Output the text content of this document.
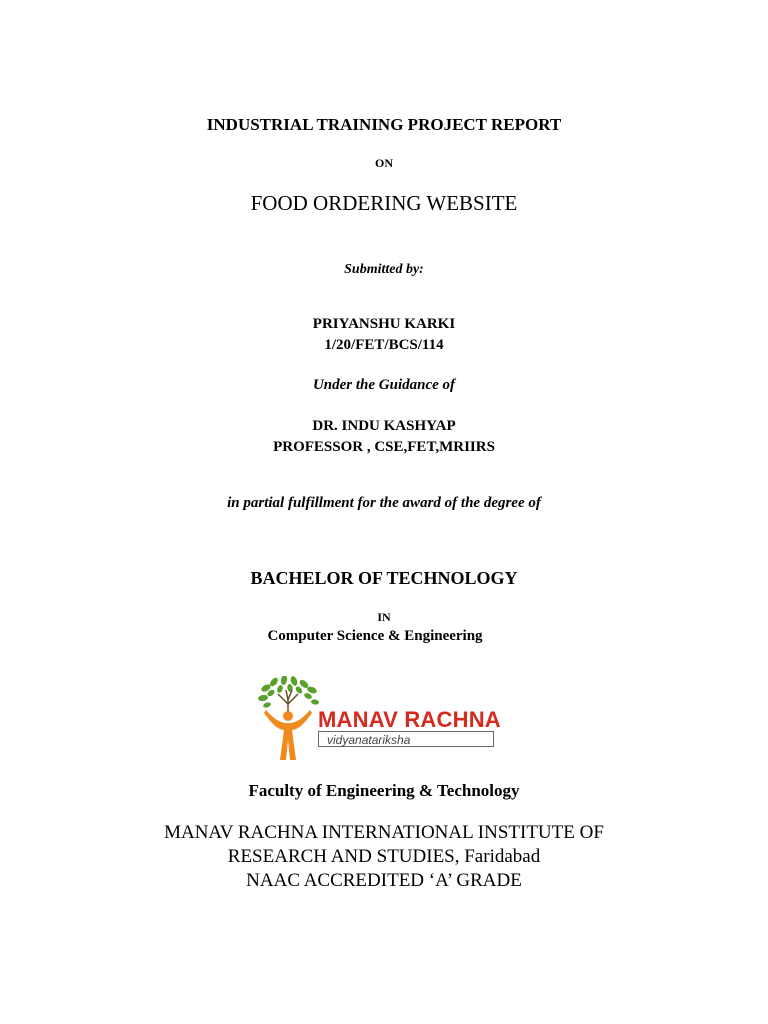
INDUSTRIAL TRAINING PROJECT REPORT
ON
FOOD ORDERING WEBSITE
Submitted by:
PRIYANSHU KARKI
1/20/FET/BCS/114
Under the Guidance of
DR. INDU KASHYAP
PROFESSOR , CSE,FET,MRIIRS
in partial fulfillment for the award of the degree of
BACHELOR OF TECHNOLOGY
IN
Computer Science & Engineering
MANAV RACHNA
vidyanatariksha
Faculty of Engineering & Technology
MANAV RACHNA INTERNATIONAL INSTITUTE OF
RESEARCH AND STUDIES, Faridabad
NAAC ACCREDITED ‘A’ GRADE
